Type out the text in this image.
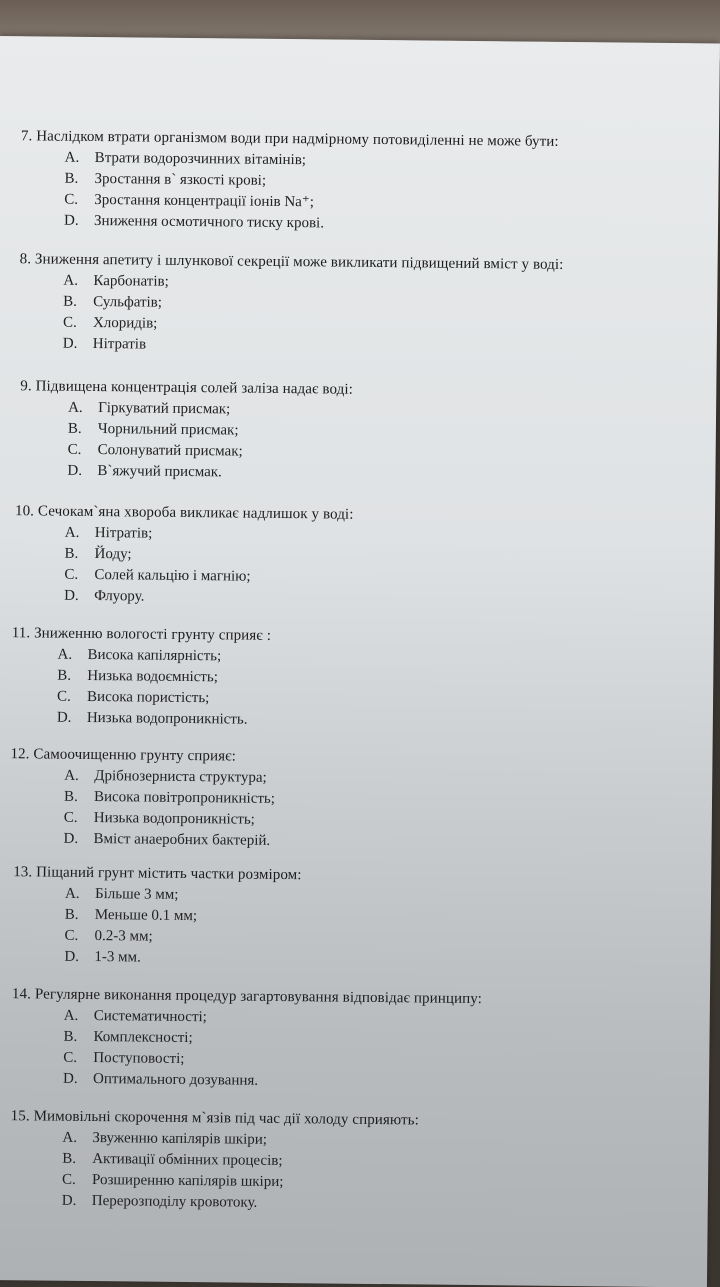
7. Наслідком втрати організмом води при надмірному потовиділенні не може бути:
A. Втрати водорозчинних вітамінів;
B. Зростання в` язкості крові;
C. Зростання концентрації іонів Na⁺;
D. Зниження осмотичного тиску крові.
8. Зниження апетиту і шлункової секреції може викликати підвищений вміст у воді:
A. Карбонатів;
B. Сульфатів;
C. Хлоридів;
D. Нітратів
9. Підвищена концентрація солей заліза надає воді:
A. Гіркуватий присмак;
B. Чорнильний присмак;
C. Солонуватий присмак;
D. В`яжучий присмак.
10. Сечокам`яна хвороба викликає надлишок у воді:
A. Нітратів;
B. Йоду;
C. Солей кальцію і магнію;
D. Флуору.
11. Зниженню вологості грунту сприяє :
A. Висока капілярність;
B. Низька водоємність;
C. Висока пористість;
D. Низька водопроникність.
12. Самоочищенню грунту сприяє:
A. Дрібнозерниста структура;
B. Висока повітропроникність;
C. Низька водопроникність;
D. Вміст анаеробних бактерій.
13. Піщаний грунт містить частки розміром:
A. Більше 3 мм;
B. Меньше 0.1 мм;
C. 0.2-3 мм;
D. 1-3 мм.
14. Регулярне виконання процедур загартовування відповідає принципу:
A. Систематичності;
B. Комплексності;
C. Поступовості;
D. Оптимального дозування.
15. Мимовільні скорочення м`язів під час дії холоду сприяють:
A. Звуженню капілярів шкіри;
B. Активації обмінних процесів;
C. Розширенню капілярів шкіри;
D. Перерозподілу кровотоку.
